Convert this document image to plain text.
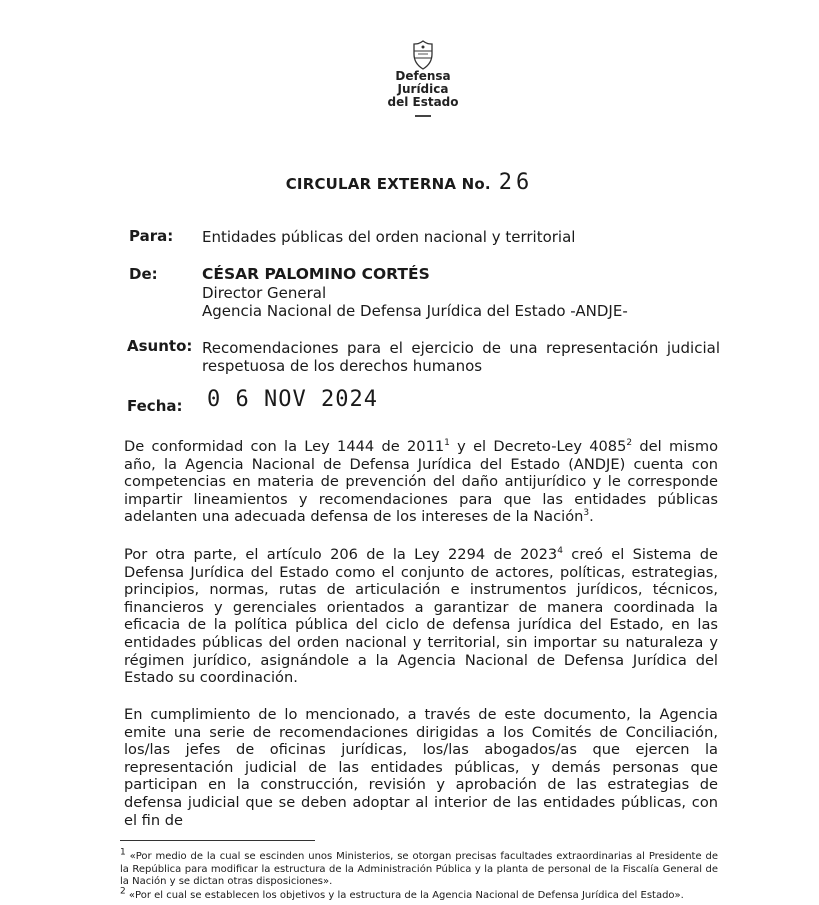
Defensa Jurídica
del Estado
CIRCULAR EXTERNA No. 26
Para: Entidades públicas del orden nacional y territorial
De:	CÉSAR PALOMINO CORTÉS
Director General
Agencia Nacional de Defensa Jurídica del Estado -ANDJE-
Asunto: Recomendaciones para el ejercicio de una representación judicial
respetuosa de los derechos humanos
Fecha: 0 6 NOV 2024
De conformidad con la Ley 1444 de 2011$^1$ y el Decreto-Ley 4085$^2$ del mismo año, la Agencia Nacional de Defensa Jurídica del Estado (ANDJE) cuenta con competencias en materia de prevención del daño antijurídico y le corresponde impartir lineamientos y recomendaciones para que las entidades públicas adelanten una adecuada defensa de los intereses de la Nación$^3$.
Por otra parte, el artículo 206 de la Ley 2294 de 2023$^4$ creó el Sistema de Defensa Jurídica del Estado como el conjunto de actores, políticas, estrategias, principios, normas, rutas de articulación e instrumentos jurídicos, técnicos, financieros y gerenciales orientados a garantizar de manera coordinada la eficacia de la política pública del ciclo de defensa jurídica del Estado, en las entidades públicas del orden nacional y territorial, sin importar su naturaleza y régimen jurídico, asignándole a la Agencia Nacional de Defensa Jurídica del Estado su coordinación.
En cumplimiento de lo mencionado, a través de este documento, la Agencia emite una serie de recomendaciones dirigidas a los Comités de Conciliación, los/las jefes de oficinas jurídicas, los/las abogados/as que ejercen la representación judicial de las entidades públicas, y demás personas que participan en la construcción, revisión y aprobación de las estrategias de defensa judicial que se deben adoptar al interior de las entidades públicas, con el fin de
$^1$ «Por medio de la cual se escinden unos Ministerios, se otorgan precisas facultades extraordinarias al Presidente de la República para modificar la estructura de la Administración Pública y la planta de personal de la Fiscalía General de la Nación y se dictan otras disposiciones».
$^2$ «Por el cual se establecen los objetivos y la estructura de la Agencia Nacional de Defensa Jurídica del Estado».
